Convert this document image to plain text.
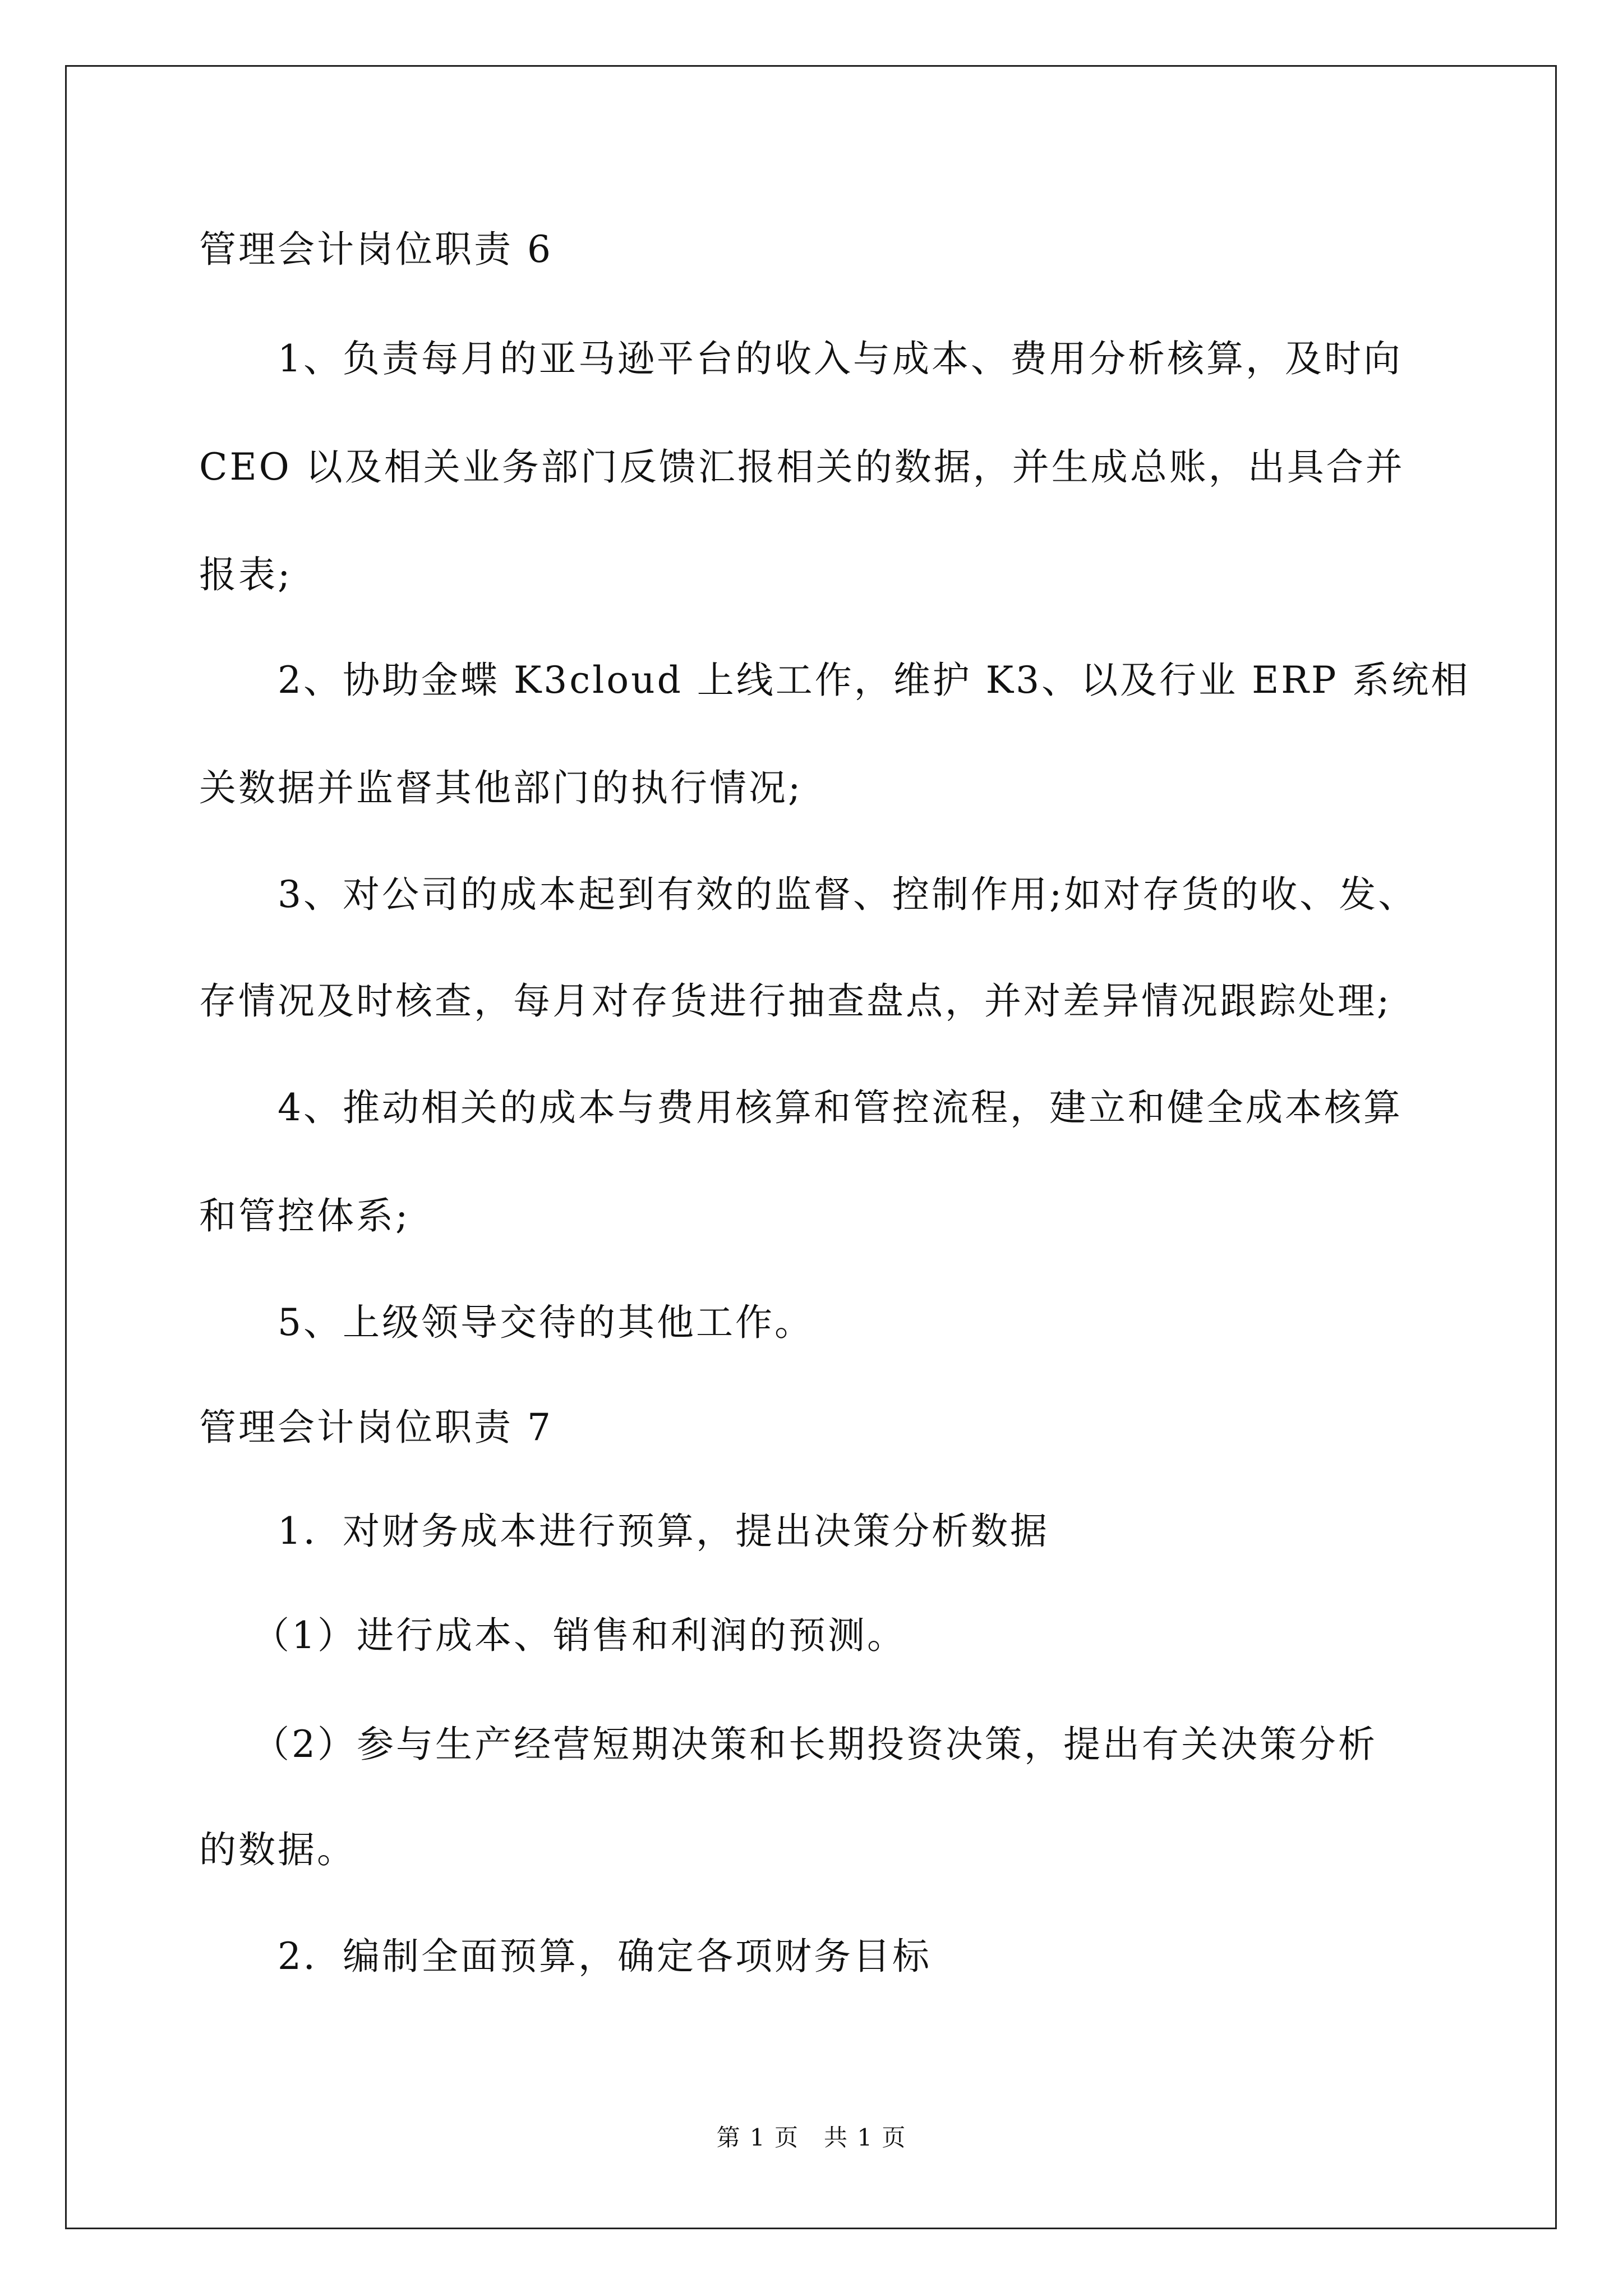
管理会计岗位职责 6
　　1、负责每月的亚马逊平台的收入与成本、费用分析核算，及时向
CEO 以及相关业务部门反馈汇报相关的数据，并生成总账，出具合并
报表;
　　2、协助金蝶 K3cloud 上线工作，维护 K3、以及行业 ERP 系统相
关数据并监督其他部门的执行情况;
　　3、对公司的成本起到有效的监督、控制作用;如对存货的收、发、
存情况及时核查，每月对存货进行抽查盘点，并对差异情况跟踪处理;
　　4、推动相关的成本与费用核算和管控流程，建立和健全成本核算
和管控体系;
　　5、上级领导交待的其他工作。
管理会计岗位职责 7
　　1．对财务成本进行预算，提出决策分析数据
　 （1）进行成本、销售和利润的预测。
　 （2）参与生产经营短期决策和长期投资决策，提出有关决策分析
的数据。
　　2．编制全面预算，确定各项财务目标
第 1 页　共 1 页
